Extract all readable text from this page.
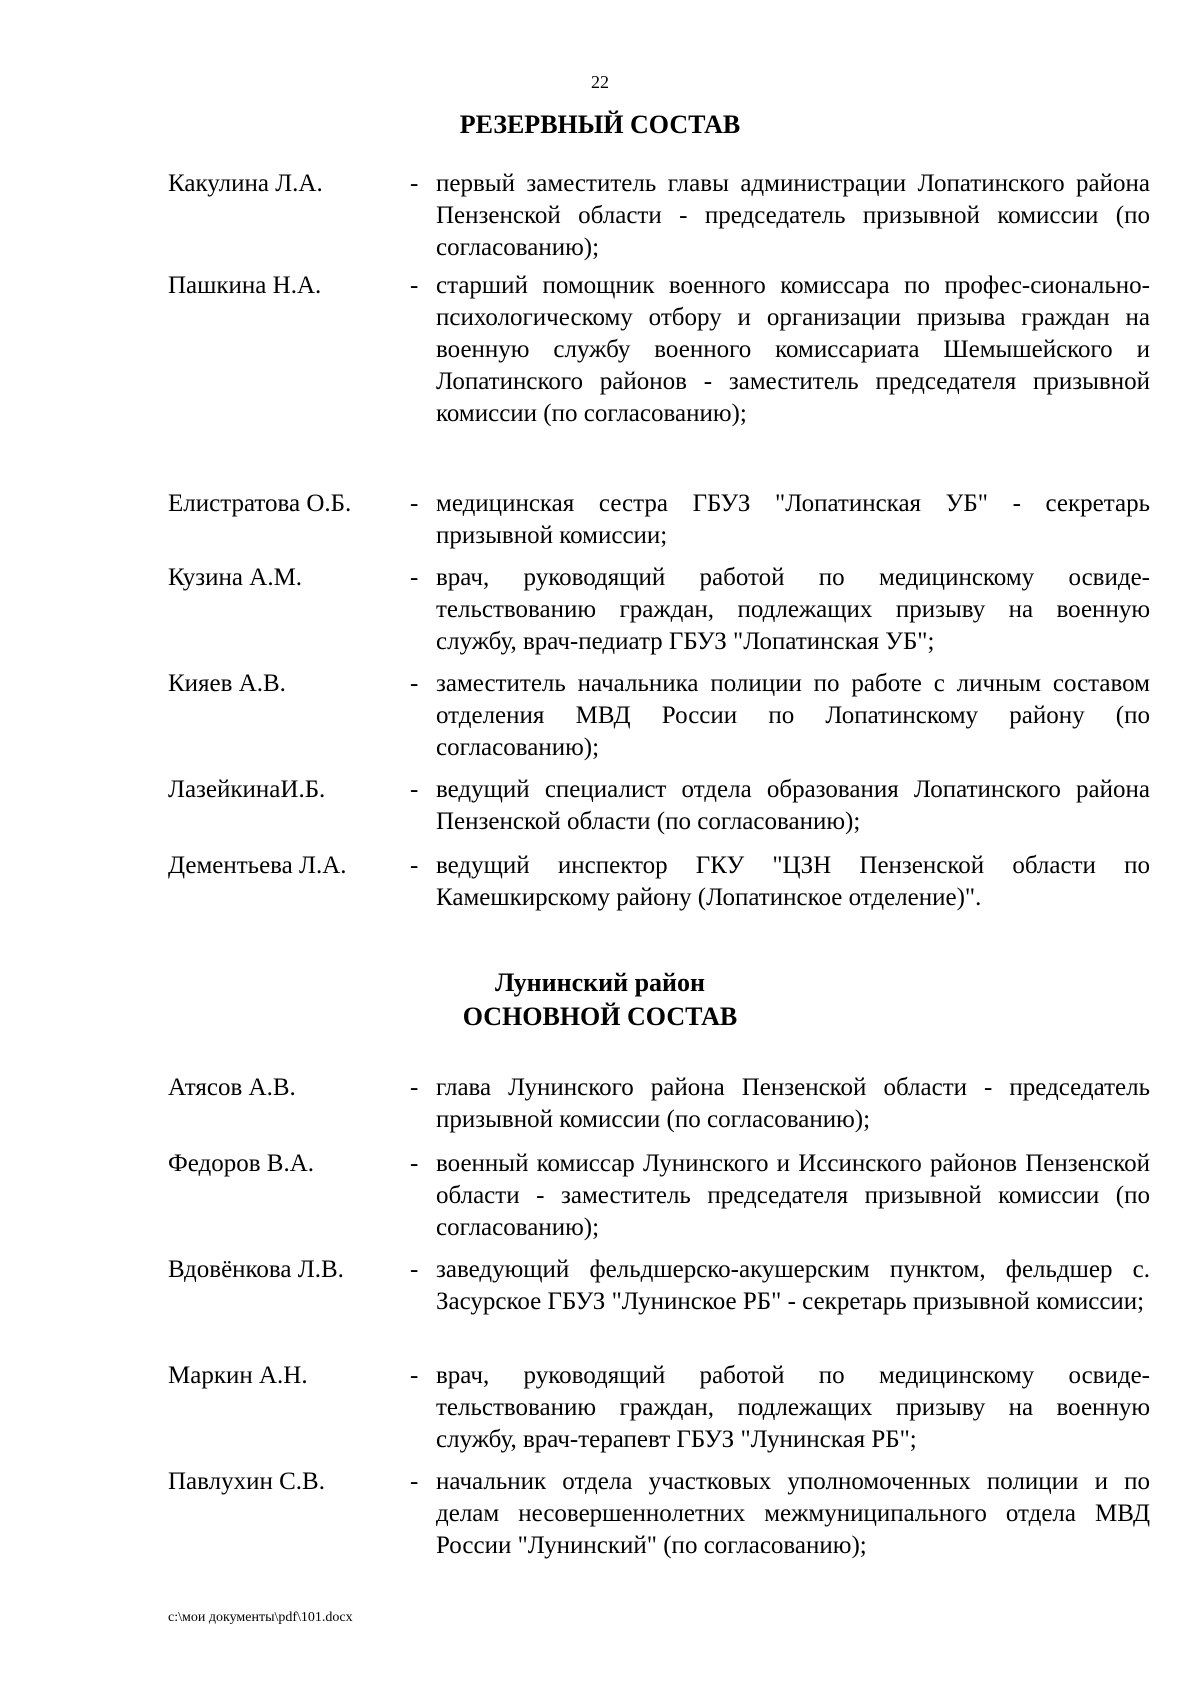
22
РЕЗЕРВНЫЙ СОСТАВ
Какулина Л.А.	- первый заместитель главы администрации Лопатинского района Пензенской области - председатель призывной комиссии (по согласованию);
Пашкина Н.А.	- старший помощник военного комиссара по профес-сионально-психологическому отбору и организации призыва граждан на военную службу военного комиссариата Шемышейского и Лопатинского районов - заместитель председателя призывной комиссии (по согласованию);
Елистратова О.Б. - медицинская сестра ГБУЗ "Лопатинская УБ" - секретарь призывной комиссии;
Кузина А.М.	- врач, руководящий работой по медицинскому освиде-тельствованию граждан, подлежащих призыву на военную службу, врач-педиатр ГБУЗ "Лопатинская УБ";
Кияев А.В.	- заместитель начальника полиции по работе с личным составом отделения МВД России по Лопатинскому району (по согласованию);
ЛазейкинаИ.Б.	- ведущий специалист отдела образования Лопатинского района Пензенской области (по согласованию);
Дементьева Л.А.	- ведущий инспектор ГКУ "ЦЗН Пензенской области по Камешкирскому району (Лопатинское отделение)".
Лунинский район
ОСНОВНОЙ СОСТАВ
Атясов А.В.	- глава Лунинского района Пензенской области - председатель призывной комиссии (по согласованию);
Федоров В.А.	- военный комиссар Лунинского и Иссинского районов Пензенской области - заместитель председателя призывной комиссии (по согласованию);
Вдовёнкова Л.В.	- заведующий фельдшерско-акушерским пунктом, фельдшер с. Засурское ГБУЗ "Лунинское РБ" - секретарь призывной комиссии;
Маркин А.Н.	- врач, руководящий работой по медицинскому освиде-тельствованию граждан, подлежащих призыву на военную службу, врач-терапевт ГБУЗ "Лунинская РБ";
Павлухин С.В.	- начальник отдела участковых уполномоченных полиции и по делам несовершеннолетних межмуниципального отдела МВД России "Лунинский" (по согласованию);
c:\мои документы\pdf\101.docx
